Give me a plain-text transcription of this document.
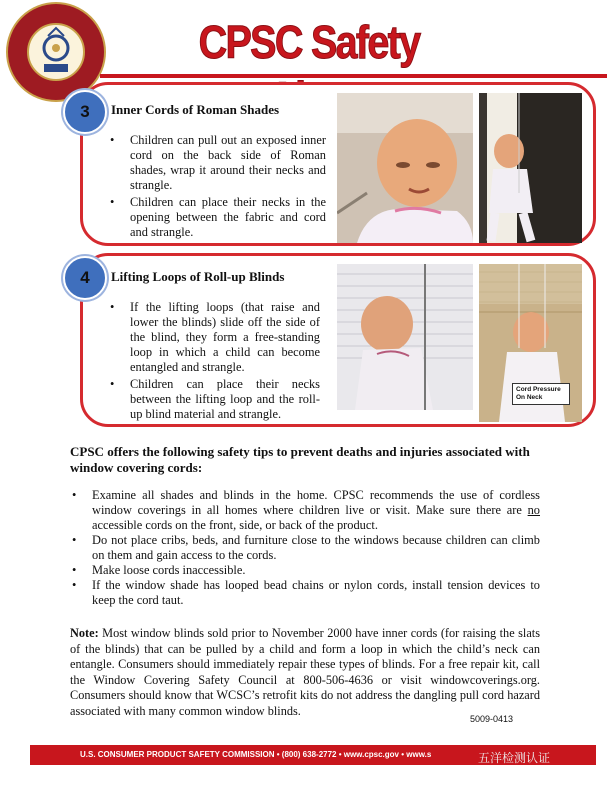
CPSC Safety
3	Inner Cords of Roman Shades
• Children can pull out an exposed inner cord on the back side of Roman shades, wrap it around their necks and strangle.
• Children can place their necks in the opening between the fabric and cord and strangle.
4	Lifting Loops of Roll-up Blinds
• If the lifting loops (that raise and lower the blinds) slide off the side of the blind, they form a free-standing loop in which a child can become entangled and strangle.
• Children can place their necks between the lifting loop and the roll-up blind material and strangle.
Cord Pressure On Neck
CPSC offers the following safety tips to prevent deaths and injuries associated with window covering cords:
• Examine all shades and blinds in the home. CPSC recommends the use of cordless window coverings in all homes where children live or visit. Make sure there are no accessible cords on the front, side, or back of the product.
• Do not place cribs, beds, and furniture close to the windows because children can climb on them and gain access to the cords.
• Make loose cords inaccessible.
• If the window shade has looped bead chains or nylon cords, install tension devices to keep the cord taut.
Note: Most window blinds sold prior to November 2000 have inner cords (for raising the slats of the blinds) that can be pulled by a child and form a loop in which the child’s neck can entangle. Consumers should immediately repair these types of blinds. For a free repair kit, call the Window Covering Safety Council at 800-506-4636 or visit windowcoverings.org. Consumers should know that WCSC’s retrofit kits do not address the dangling pull cord hazard associated with many common window blinds.
5009-0413
U.S. CONSUMER PRODUCT SAFETY COMMISSION • (800) 638-2772 • www.cpsc.gov • www.s	五洋检测认证
